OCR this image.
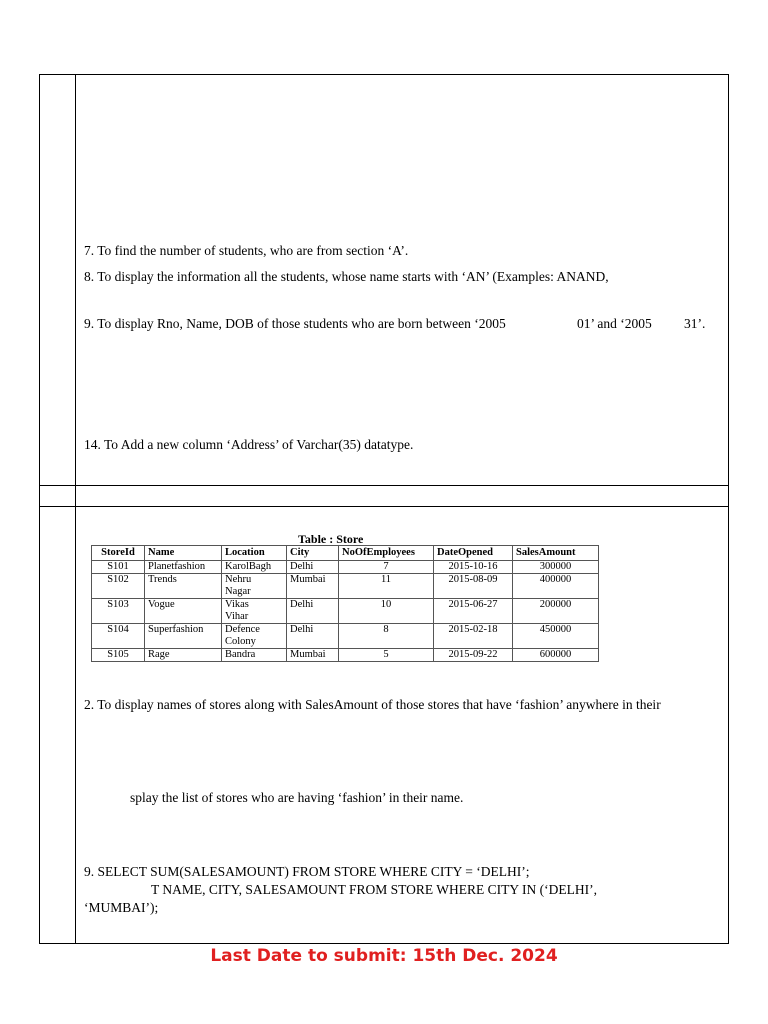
7. To find the number of students, who are from section ‘A’.
8. To display the information all the students, whose name starts with ‘AN’ (Examples: ANAND,
9. To display Rno, Name, DOB of those students who are born between ‘2005	01’ and ‘2005 31’.
14. To Add a new column ‘Address’ of Varchar(35) datatype.
Table : Store
StoreId	Name	Location	City	NoOfEmployees	DateOpened	SalesAmount
S101	Planetfashion	KarolBagh	Delhi	7	2015-10-16	300000
S102	Trends	Nehru
Nagar	Mumbai	11	2015-08-09	400000
S103	Vogue	Vikas
Vihar	Delhi	10	2015-06-27	200000
S104	Superfashion	Defence
Colony	Delhi	8	2015-02-18	450000
S105	Rage	Bandra	Mumbai	5	2015-09-22	600000
2. To display names of stores along with SalesAmount of those stores that have ‘fashion’ anywhere in their
splay the list of stores who are having ‘fashion’ in their name.
9. SELECT SUM(SALESAMOUNT) FROM STORE WHERE CITY = ‘DELHI’;
T NAME, CITY, SALESAMOUNT FROM STORE WHERE CITY IN (‘DELHI’,
‘MUMBAI’);
Last Date to submit: 15th Dec. 2024
